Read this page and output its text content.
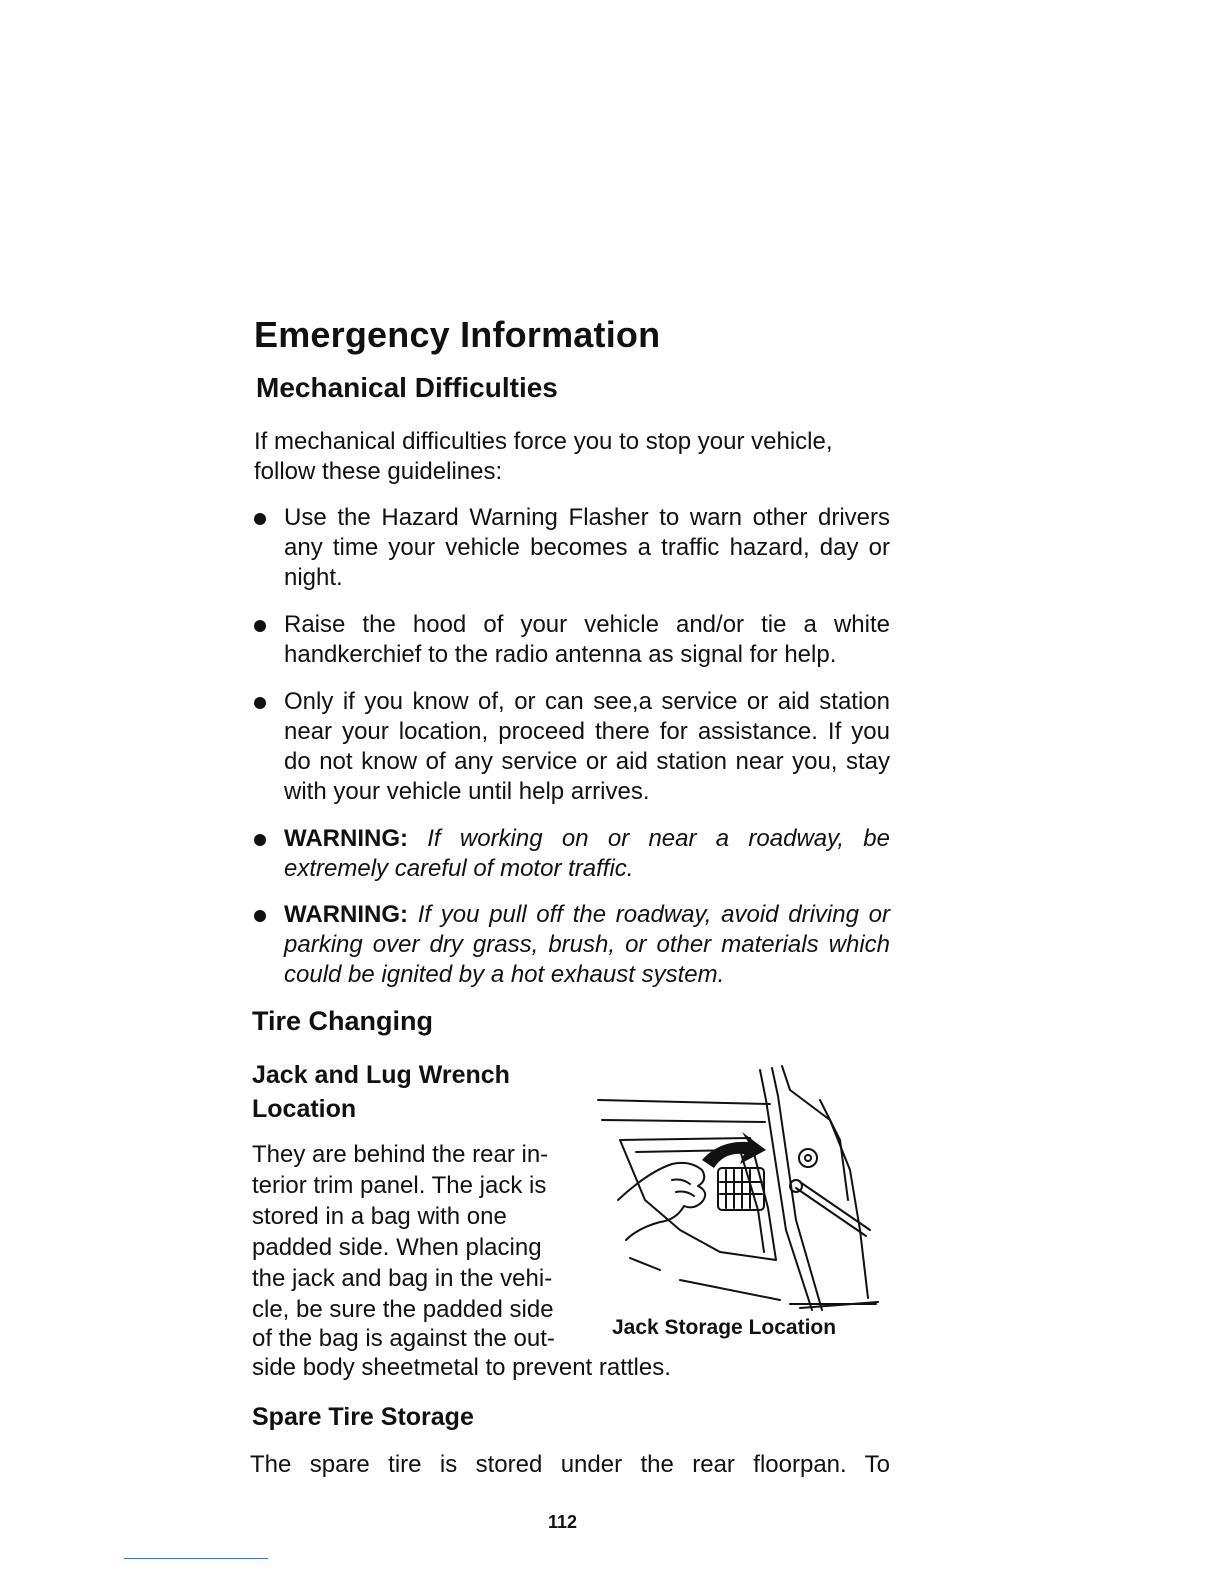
Emergency Information
Mechanical Difficulties

If mechanical difficulties force you to stop your vehicle, follow these guidelines:

Use the Hazard Warning Flasher to warn other drivers any time your vehicle becomes a traffic hazard, day or night.
Raise the hood of your vehicle and/or tie a white handkerchief to the radio antenna as signal for help.
Only if you know of, or can see,a service or aid station near your location, proceed there for assistance. If you do not know of any service or aid station near you, stay with your vehicle until help arrives.
WARNING: If working on or near a roadway, be extremely careful of motor traffic.
WARNING: If you pull off the roadway, avoid driving or parking over dry grass, brush, or other materials which could be ignited by a hot exhaust system.
Tire Changing
Jack and Lug Wrench
Location

They are behind the rear in-

terior trim panel. The jack is

stored in a bag with one

padded side. When placing

the jack and bag in the vehi-

cle, be sure the padded side

of the bag is against the out-

side body sheetmetal to prevent rattles.

Jack Storage Location
Spare Tire Storage

The spare tire is stored under the rear floorpan. To

112
